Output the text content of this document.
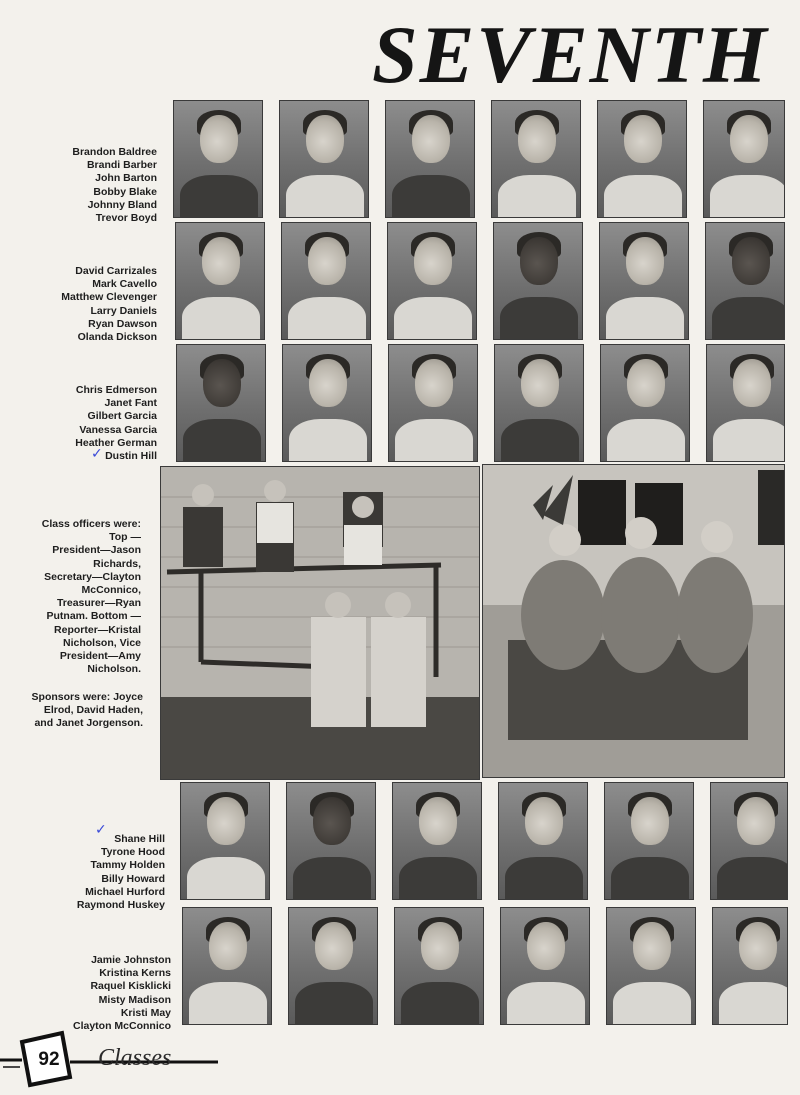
SEVENTH
Brandon Baldree
Brandi Barber
John Barton
Bobby Blake
Johnny Bland
Trevor Boyd
David Carrizales
Mark Cavello
Matthew Clevenger
Larry Daniels
Ryan Dawson
Olanda Dickson
Chris Edmerson
Janet Fant
Gilbert Garcia
Vanessa Garcia
Heather German
Dustin Hill
✓
Shane Hill
Tyrone Hood
Tammy Holden
Billy Howard
Michael Hurford
Raymond Huskey
✓
Jamie Johnston
Kristina Kerns
Raquel Kisklicki
Misty Madison
Kristi May
Clayton McConnico
Class officers were:
Top —
President—Jason
Richards,
Secretary—Clayton
McConnico,
Treasurer—Ryan
Putnam. Bottom —
Reporter—Kristal
Nicholson, Vice
President—Amy
Nicholson.
Sponsors were: Joyce
Elrod, David Haden,
and Janet Jorgenson.
92	Classes
